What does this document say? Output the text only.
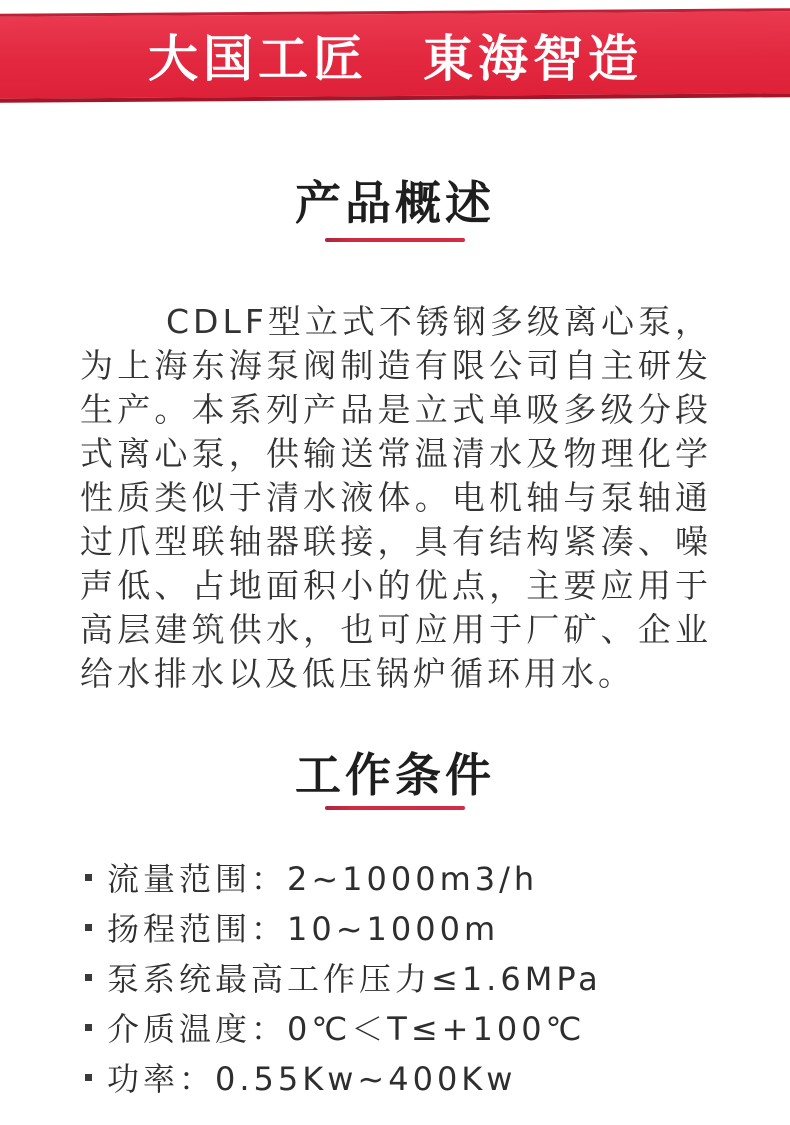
大国工匠　東海智造
产品概述
CDLF型立式不锈钢多级离心泵，为上海东海泵阀制造有限公司自主研发生产。本系列产品是立式单吸多级分段式离心泵，供输送常温清水及物理化学性质类似于清水液体。电机轴与泵轴通过爪型联轴器联接，具有结构紧凑、噪声低、占地面积小的优点，主要应用于高层建筑供水，也可应用于厂矿、企业给水排水以及低压锅炉循环用水。
工作条件
流量范围：2~1000m3/h
扬程范围：10~1000m
泵系统最高工作压力≤1.6MPa
介质温度：0℃＜T≤+100℃
功率：0.55Kw~400Kw
